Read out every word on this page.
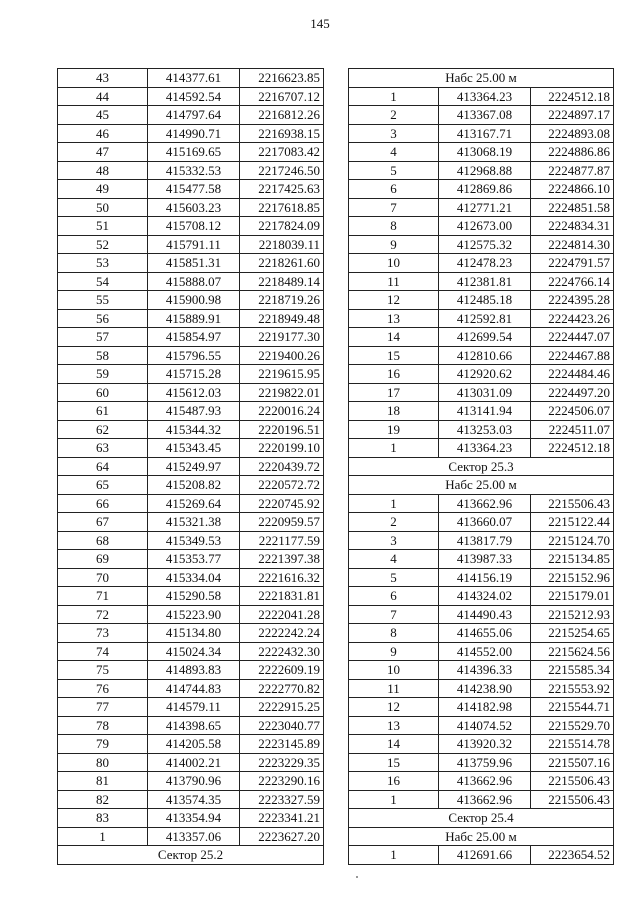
145
43	414377.61	2216623.85
44	414592.54	2216707.12
45	414797.64	2216812.26
46	414990.71	2216938.15
47	415169.65	2217083.42
48	415332.53	2217246.50
49	415477.58	2217425.63
50	415603.23	2217618.85
51	415708.12	2217824.09
52	415791.11	2218039.11
53	415851.31	2218261.60
54	415888.07	2218489.14
55	415900.98	2218719.26
56	415889.91	2218949.48
57	415854.97	2219177.30
58	415796.55	2219400.26
59	415715.28	2219615.95
60	415612.03	2219822.01
61	415487.93	2220016.24
62	415344.32	2220196.51
63	415343.45	2220199.10
64	415249.97	2220439.72
65	415208.82	2220572.72
66	415269.64	2220745.92
67	415321.38	2220959.57
68	415349.53	2221177.59
69	415353.77	2221397.38
70	415334.04	2221616.32
71	415290.58	2221831.81
72	415223.90	2222041.28
73	415134.80	2222242.24
74	415024.34	2222432.30
75	414893.83	2222609.19
76	414744.83	2222770.82
77	414579.11	2222915.25
78	414398.65	2223040.77
79	414205.58	2223145.89
80	414002.21	2223229.35
81	413790.96	2223290.16
82	413574.35	2223327.59
83	413354.94	2223341.21
1	413357.06	2223627.20
Сектор 25.2		
Набс 25.00 м		
1	413364.23	2224512.18
2	413367.08	2224897.17
3	413167.71	2224893.08
4	413068.19	2224886.86
5	412968.88	2224877.87
6	412869.86	2224866.10
7	412771.21	2224851.58
8	412673.00	2224834.31
9	412575.32	2224814.30
10	412478.23	2224791.57
11	412381.81	2224766.14
12	412485.18	2224395.28
13	412592.81	2224423.26
14	412699.54	2224447.07
15	412810.66	2224467.88
16	412920.62	2224484.46
17	413031.09	2224497.20
18	413141.94	2224506.07
19	413253.03	2224511.07
1	413364.23	2224512.18
Сектор 25.3		
Набс 25.00 м		
1	413662.96	2215506.43
2	413660.07	2215122.44
3	413817.79	2215124.70
4	413987.33	2215134.85
5	414156.19	2215152.96
6	414324.02	2215179.01
7	414490.43	2215212.93
8	414655.06	2215254.65
9	414552.00	2215624.56
10	414396.33	2215585.34
11	414238.90	2215553.92
12	414182.98	2215544.71
13	414074.52	2215529.70
14	413920.32	2215514.78
15	413759.96	2215507.16
16	413662.96	2215506.43
1	413662.96	2215506.43
Сектор 25.4		
Набс 25.00 м		
1	412691.66	2223654.52
